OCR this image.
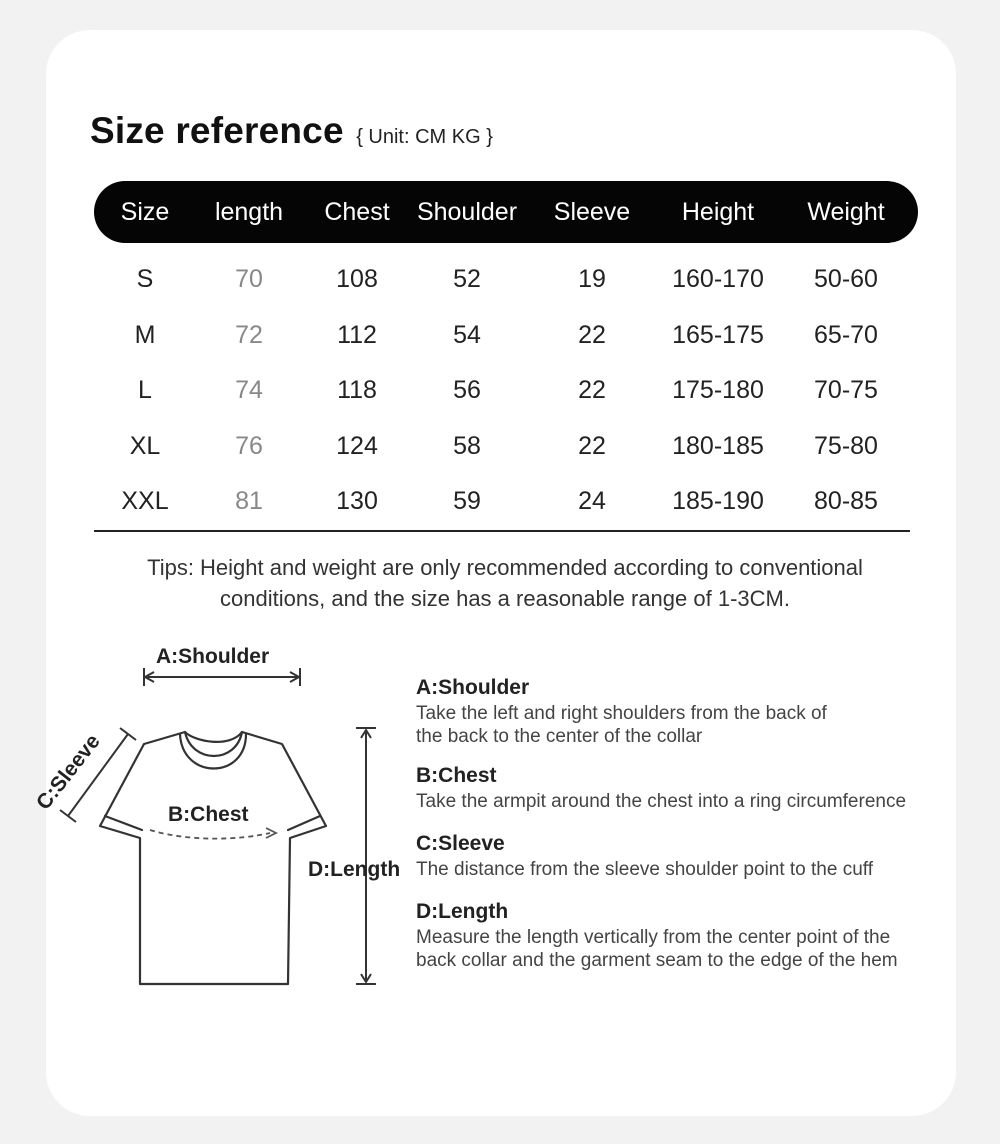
Size reference { Unit: CM KG }
Size	length	Chest	Shoulder	Sleeve	Height	Weight
S	70	108	52	19	160-170	50-60
M	72	112	54	22	165-175	65-70
L	74	118	56	22	175-180	70-75
XL	76	124	58	22	180-185	75-80
XXL	81	130	59	24	185-190	80-85
Tips: Height and weight are only recommended according to conventional
conditions, and the size has a reasonable range of 1-3CM.
A:Shoulder
C:Sleeve
B:Chest
D:Length

A:Shoulder

Take the left and right shoulders from the back of

the back to the center of the collar

B:Chest

Take the armpit around the chest into a ring circumference

C:Sleeve

The distance from the sleeve shoulder point to the cuff

D:Length

Measure the length vertically from the center point of the

back collar and the garment seam to the edge of the hem
